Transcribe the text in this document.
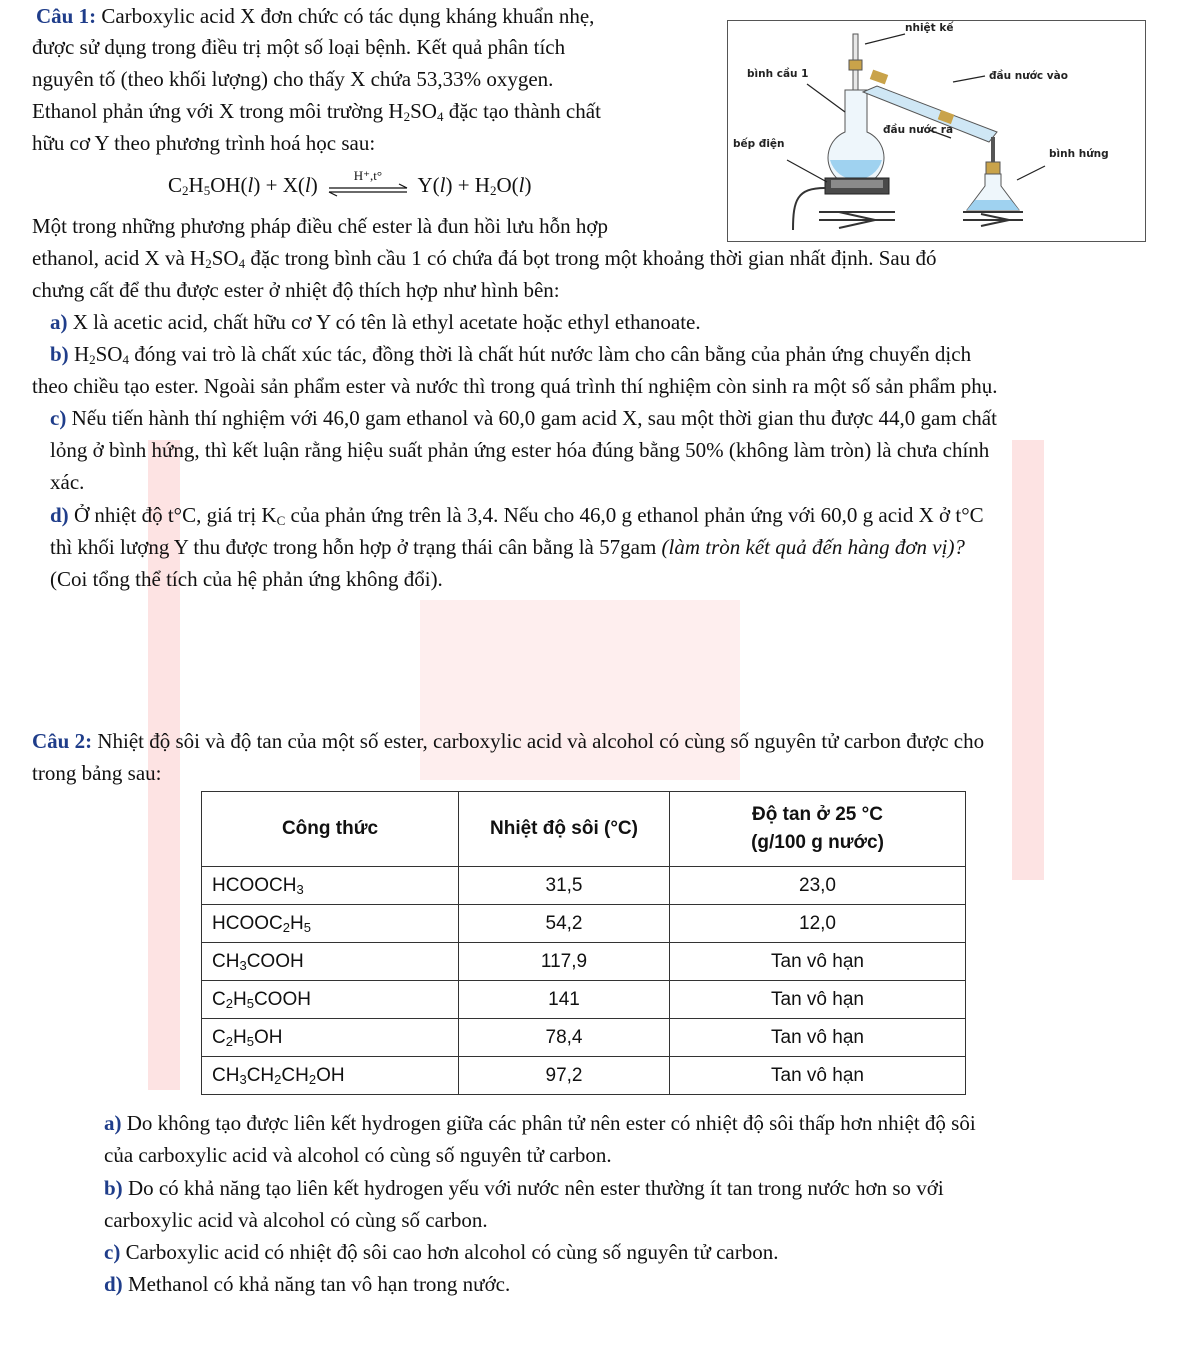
Câu 1: Carboxylic acid X đơn chức có tác dụng kháng khuẩn nhẹ,
được sử dụng trong điều trị một số loại bệnh. Kết quả phân tích
nguyên tố (theo khối lượng) cho thấy X chứa 53,33% oxygen.
Ethanol phản ứng với X trong môi trường $H_2SO_4$ đặc tạo thành chất
hữu cơ Y theo phương trình hoá học sau:
$C_2H_5OH(l) + X(l)$	H⁺,t°	$Y(l) + H_2O(l)$
Một trong những phương pháp điều chế ester là đun hồi lưu hỗn hợp
ethanol, acid X và $H_2SO_4$ đặc trong bình cầu 1 có chứa đá bọt trong một khoảng thời gian nhất định. Sau đó
chưng cất để thu được ester ở nhiệt độ thích hợp như hình bên:
nhiệt kế
bình cầu 1	đầu nước vào
đầu nước ra
bếp điện
bình hứng
a) X là acetic acid, chất hữu cơ Y có tên là ethyl acetate hoặc ethyl ethanoate.
b) $H_2SO_4$ đóng vai trò là chất xúc tác, đồng thời là chất hút nước làm cho cân bằng của phản ứng chuyển dịch
theo chiều tạo ester. Ngoài sản phẩm ester và nước thì trong quá trình thí nghiệm còn sinh ra một số sản phẩm phụ.
c) Nếu tiến hành thí nghiệm với 46,0 gam ethanol và 60,0 gam acid X, sau một thời gian thu được 44,0 gam chất
lỏng ở bình hứng, thì kết luận rằng hiệu suất phản ứng ester hóa đúng bằng 50% (không làm tròn) là chưa chính
xác.
d) Ở nhiệt độ t°C, giá trị $K_C$ của phản ứng trên là 3,4. Nếu cho 46,0 g ethanol phản ứng với 60,0 g acid X ở t°C
thì khối lượng Y thu được trong hỗn hợp ở trạng thái cân bằng là 57gam (làm tròn kết quả đến hàng đơn vị)?
(Coi tổng thể tích của hệ phản ứng không đổi).
Câu 2: Nhiệt độ sôi và độ tan của một số ester, carboxylic acid và alcohol có cùng số nguyên tử carbon được cho
trong bảng sau:
Công thức	Nhiệt độ sôi (°C)	Độ tan ở 25 °C
(g/100 g nước)

$HCOOCH_3$	31,5	23,0
$HCOOC_2H_5$	54,2	12,0
$CH_3COOH$	117,9	Tan vô hạn
$C_2H_5COOH$	141	Tan vô hạn
$C_2H_5OH$	78,4	Tan vô hạn
$CH_3CH_2CH_2OH$	97,2	Tan vô hạn
a) Do không tạo được liên kết hydrogen giữa các phân tử nên ester có nhiệt độ sôi thấp hơn nhiệt độ sôi
của carboxylic acid và alcohol có cùng số nguyên tử carbon.
b) Do có khả năng tạo liên kết hydrogen yếu với nước nên ester thường ít tan trong nước hơn so với
carboxylic acid và alcohol có cùng số carbon.
c) Carboxylic acid có nhiệt độ sôi cao hơn alcohol có cùng số nguyên tử carbon.
d) Methanol có khả năng tan vô hạn trong nước.
